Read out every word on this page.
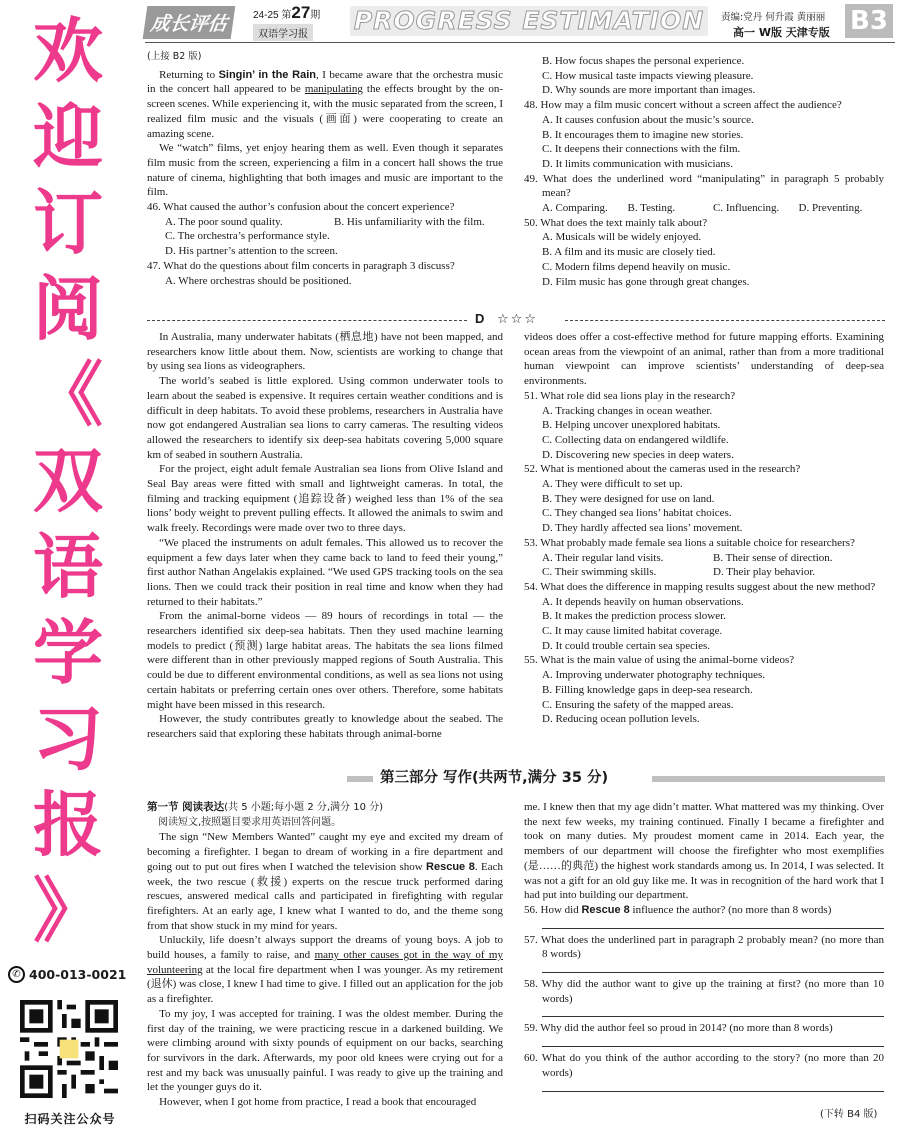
欢
迎
订
阅
《
双
语
学
习
报
》
✆ 400-013-0021
扫码关注公众号
成长评估	24-25 第27期
双语学习报 PROGRESS ESTIMATION	责编:党丹 何升霞 黄丽丽
高一 W版 天津专版 B3

(上接 B2 版)

Returning to Singin’ in the Rain, I became aware that the orchestra music in the concert hall appeared to be manipulating the effects brought by the on-screen scenes. While experiencing it, with the music separated from the screen, I realized film music and the visuals (画面) were cooperating to create an amazing scene.

We “watch” films, yet enjoy hearing them as well. Even though it separates film music from the screen, experiencing a film in a concert hall shows the true nature of cinema, highlighting that both images and music are important to the film.

46. What caused the author’s confusion about the concert experience?

A. The poor sound quality.	B. His unfamiliarity with the film.

C. The orchestra’s performance style.

D. His partner’s attention to the screen.

47. What do the questions about film concerts in paragraph 3 discuss?

A. Where orchestras should be positioned.

B. How focus shapes the personal experience.

C. How musical taste impacts viewing pleasure.

D. Why sounds are more important than images.

48. How may a film music concert without a screen affect the audience?

A. It causes confusion about the music’s source.

B. It encourages them to imagine new stories.

C. It deepens their connections with the film.

D. It limits communication with musicians.

49. What does the underlined word “manipulating” in paragraph 5 probably mean?

A. Comparing.	B. Testing.	C. Influencing.	D. Preventing.

50. What does the text mainly talk about?

A. Musicals will be widely enjoyed.

B. A film and its music are closely tied.

C. Modern films depend heavily on music.

D. Film music has gone through great changes.

D ☆☆☆

In Australia, many underwater habitats (栖息地) have not been mapped, and researchers know little about them. Now, scientists are working to change that by using sea lions as videographers.

The world’s seabed is little explored. Using common underwater tools to learn about the seabed is expensive. It requires certain weather conditions and is difficult in deep habitats. To avoid these problems, researchers in Australia have now got endangered Australian sea lions to carry cameras. The resulting videos allowed the researchers to identify six deep-sea habitats covering 5,000 square km of seabed in southern Australia.

For the project, eight adult female Australian sea lions from Olive Island and Seal Bay areas were fitted with small and lightweight cameras. In total, the filming and tracking equipment (追踪设备) weighed less than 1% of the sea lions’ body weight to prevent pulling effects. It allowed the animals to swim and walk freely. Recordings were made over two to three days.

“We placed the instruments on adult females. This allowed us to recover the equipment a few days later when they came back to land to feed their young,” first author Nathan Angelakis explained. “We used GPS tracking tools on the sea lions. Then we could track their position in real time and know when they had returned to their habitats.”

From the animal-borne videos — 89 hours of recordings in total — the researchers identified six deep-sea habitats. Then they used machine learning models to predict (预测) large habitat areas. The habitats the sea lions filmed were different than in other previously mapped regions of South Australia. This could be due to different environmental conditions, as well as sea lions not using certain habitats or preferring certain ones over others. Therefore, some habitats might have been missed in this research.

However, the study contributes greatly to knowledge about the seabed. The researchers said that exploring these habitats through animal-borne

videos does offer a cost-effective method for future mapping efforts. Examining ocean areas from the viewpoint of an animal, rather than from a more traditional human viewpoint can improve scientists’ understanding of deep-sea environments.

51. What role did sea lions play in the research?

A. Tracking changes in ocean weather.

B. Helping uncover unexplored habitats.

C. Collecting data on endangered wildlife.

D. Discovering new species in deep waters.

52. What is mentioned about the cameras used in the research?

A. They were difficult to set up.

B. They were designed for use on land.

C. They changed sea lions’ habitat choices.

D. They hardly affected sea lions’ movement.

53. What probably made female sea lions a suitable choice for researchers?

A. Their regular land visits.	B. Their sense of direction.
C. Their swimming skills.	D. Their play behavior.

54. What does the difference in mapping results suggest about the new method?

A. It depends heavily on human observations.

B. It makes the prediction process slower.

C. It may cause limited habitat coverage.

D. It could trouble certain sea species.

55. What is the main value of using the animal-borne videos?

A. Improving underwater photography techniques.

B. Filling knowledge gaps in deep-sea research.

C. Ensuring the safety of the mapped areas.

D. Reducing ocean pollution levels.

第三部分 写作(共两节,满分 35 分)

第一节 阅读表达(共 5 小题;每小题 2 分,满分 10 分)

阅读短文,按照题目要求用英语回答问题。

The sign “New Members Wanted” caught my eye and excited my dream of becoming a firefighter. I began to dream of working in a fire department and going out to put out fires when I watched the television show Rescue 8. Each week, the two rescue (救援) experts on the rescue truck performed daring rescues, answered medical calls and participated in firefighting with regular firefighters. At an early age, I knew what I wanted to do, and the theme song from that show stuck in my mind for years.

Unluckily, life doesn’t always support the dreams of young boys. A job to build houses, a family to raise, and many other causes got in the way of my volunteering at the local fire department when I was younger. As my retirement (退休) was close, I knew I had time to give. I filled out an application for the job as a firefighter.

To my joy, I was accepted for training. I was the oldest member. During the first day of the training, we were practicing rescue in a darkened building. We were climbing around with sixty pounds of equipment on our backs, searching for survivors in the dark. Afterwards, my poor old knees were crying out for a rest and my back was unusually painful. I was ready to give up the training and let the younger guys do it.

However, when I got home from practice, I read a book that encouraged

me. I knew then that my age didn’t matter. What mattered was my thinking. Over the next few weeks, my training continued. Finally I became a firefighter and took on many duties. My proudest moment came in 2014. Each year, the members of our department will choose the firefighter who most exemplifies (是……的典范) the highest work standards among us. In 2014, I was selected. It was not a gift for an old guy like me. It was in recognition of the hard work that I had put into building our department.

56. How did Rescue 8 influence the author? (no more than 8 words)

57. What does the underlined part in paragraph 2 probably mean? (no more than 8 words)

58. Why did the author want to give up the training at first? (no more than 10 words)

59. Why did the author feel so proud in 2014? (no more than 8 words)

60. What do you think of the author according to the story? (no more than 20 words)

(下转 B4 版)
